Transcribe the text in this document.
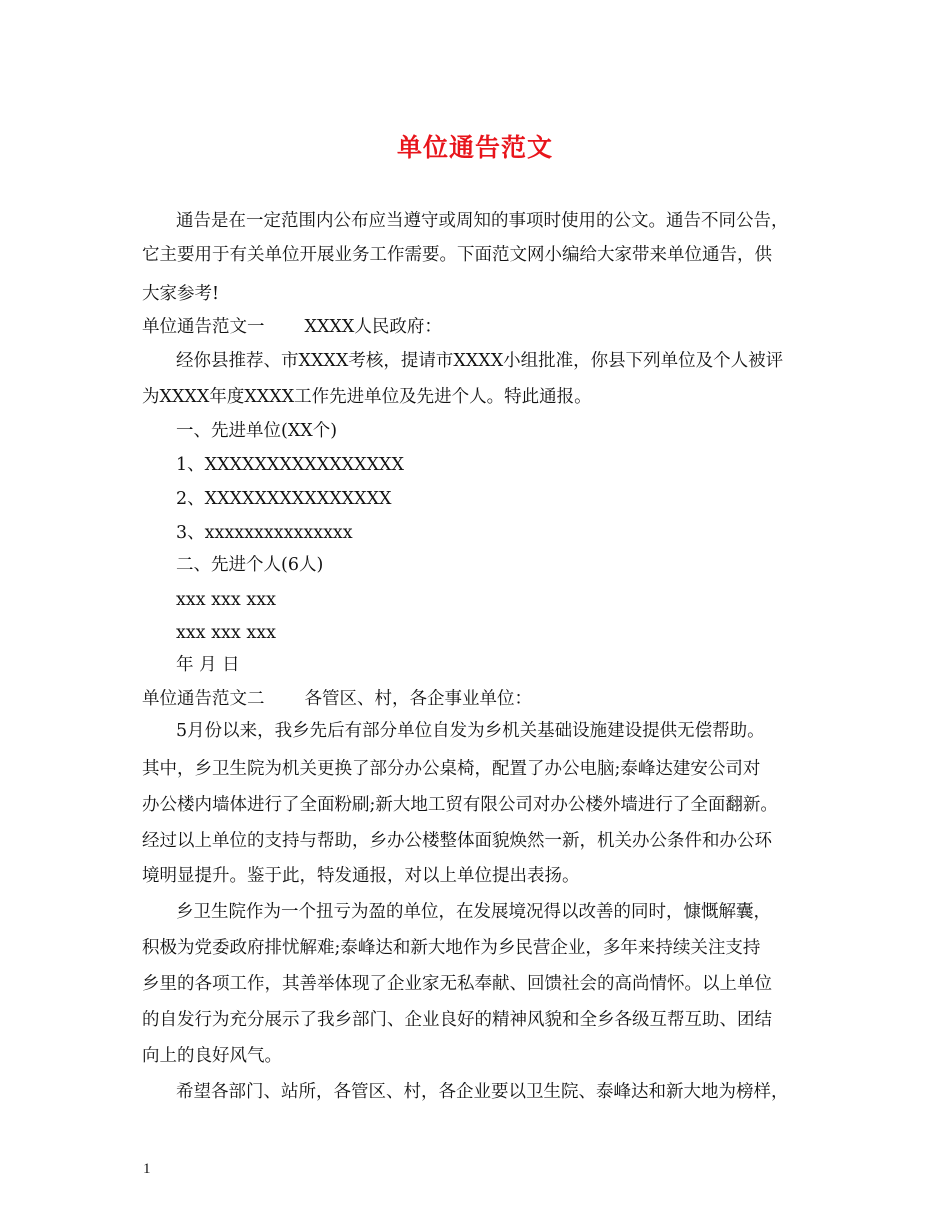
单位通告范文
通告是在一定范围内公布应当遵守或周知的事项时使用的公文。通告不同公告，
它主要用于有关单位开展业务工作需要。下面范文网小编给大家带来单位通告，供
大家参考!
单位通告范文一 XXXX人民政府：
经你县推荐、市XXXX考核，提请市XXXX小组批准，你县下列单位及个人被评
为XXXX年度XXXX工作先进单位及先进个人。特此通报。
一、先进单位(XX个)
1、XXXXXXXXXXXXXXXX
2、XXXXXXXXXXXXXXX
3、xxxxxxxxxxxxxxx
二、先进个人(6人)
xxx xxx xxx
xxx xxx xxx
年 月 日
单位通告范文二 各管区、村，各企事业单位：
5月份以来，我乡先后有部分单位自发为乡机关基础设施建设提供无偿帮助。
其中，乡卫生院为机关更换了部分办公桌椅，配置了办公电脑;泰峰达建安公司对
办公楼内墙体进行了全面粉刷;新大地工贸有限公司对办公楼外墙进行了全面翻新。
经过以上单位的支持与帮助，乡办公楼整体面貌焕然一新，机关办公条件和办公环
境明显提升。鉴于此，特发通报，对以上单位提出表扬。
乡卫生院作为一个扭亏为盈的单位，在发展境况得以改善的同时，慷慨解囊，
积极为党委政府排忧解难;泰峰达和新大地作为乡民营企业，多年来持续关注支持
乡里的各项工作，其善举体现了企业家无私奉献、回馈社会的高尚情怀。以上单位
的自发行为充分展示了我乡部门、企业良好的精神风貌和全乡各级互帮互助、团结
向上的良好风气。
希望各部门、站所，各管区、村，各企业要以卫生院、泰峰达和新大地为榜样，
1
